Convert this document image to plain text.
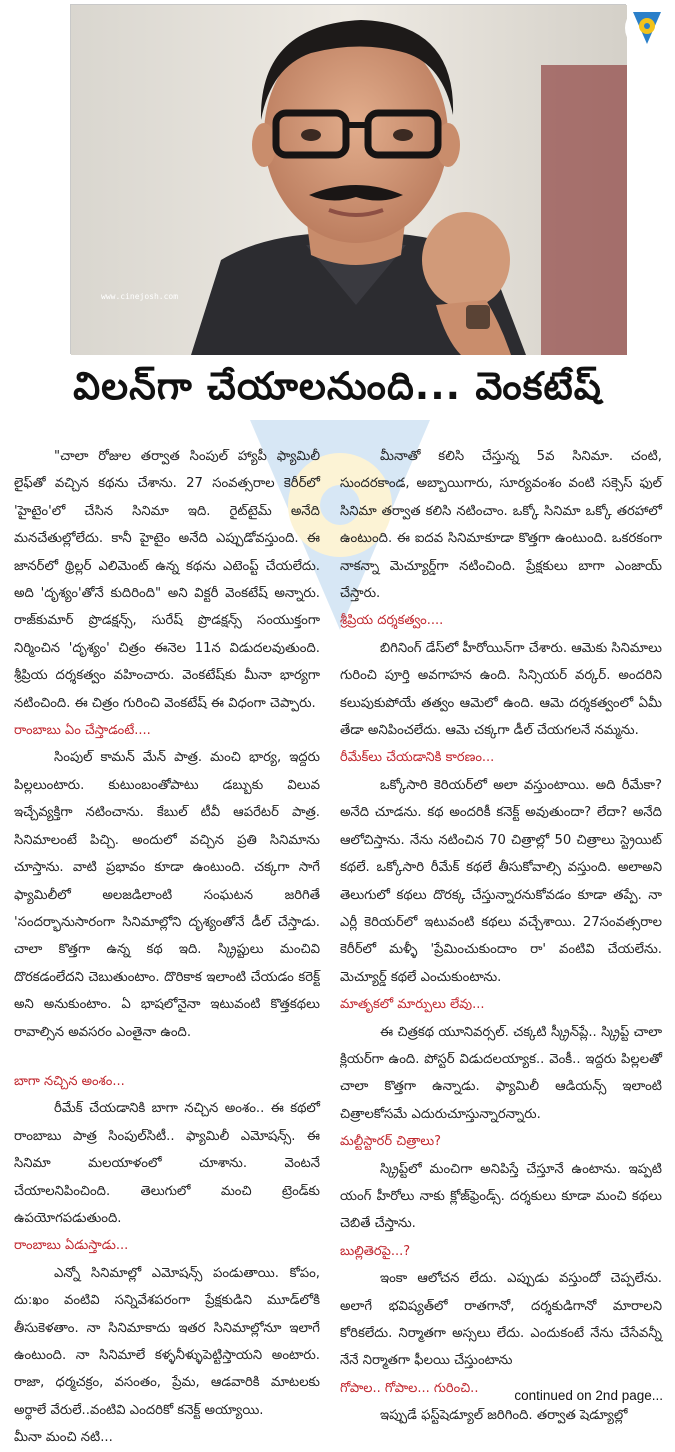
www.cinejosh.com
విలన్‌గా చేయాలనుంది... వెంకటేష్

"చాలా రోజుల తర్వాత సింపుల్ హ్యాపీ ఫ్యామిలీ లైఫ్‌తో వచ్చిన కథను చేశాను. 27 సంవత్సరాల కెరీర్‌లో 'హైటైం'లో చేసిన సినిమా ఇది. రైట్‌టైమ్ అనేది మనచేతుల్లోలేదు. కానీ హైటైం అనేది ఎప్పుడోవస్తుంది. ఈ జానర్‌లో థ్రిల్లర్ ఎలిమెంట్ ఉన్న కథను ఎటెంప్ట్ చేయలేదు. అది 'దృశ్యం'తోనే కుదిరింది" అని విక్టరీ వెంకటేష్ అన్నారు. రాజ్‌కుమార్ ప్రొడక్షన్స్, సురేష్ ప్రొడక్షన్స్ సంయుక్తంగా నిర్మించిన 'దృశ్యం' చిత్రం ఈనెల 11న విడుదలవుతుంది. శ్రీప్రియ దర్శకత్వం వహించారు. వెంకటేష్‌కు మీనా భార్యగా నటించింది. ఈ చిత్రం గురించి వెంకటేష్ ఈ విధంగా చెప్పారు.

రాంబాబు ఏం చేస్తాడంటే....

సింపుల్ కామన్ మేన్ పాత్ర. మంచి భార్య, ఇద్దరు పిల్లలుంటారు. కుటుంబంతోపాటు డబ్బుకు విలువ ఇచ్చేవ్యక్తిగా నటించాను. కేబుల్ టీవీ ఆపరేటర్ పాత్ర. సినిమాలంటే పిచ్చి. అందులో వచ్చిన ప్రతి సినిమాను చూస్తాను. వాటి ప్రభావం కూడా ఉంటుంది. చక్కగా సాగే ఫ్యామిలీలో అలజడిలాంటి సంఘటన జరిగితే 'సందర్భానుసారంగా సినిమాల్లోని దృశ్యంతోనే డీల్ చేస్తాడు. చాలా కొత్తగా ఉన్న కథ ఇది. స్క్రిప్టులు మంచివి దొరకడంలేదని చెబుతుంటాం. దొరికాక ఇలాంటి చేయడం కరెక్ట్ అని అనుకుంటాం. ఏ భాషలోనైనా ఇటువంటి కొత్తకథలు రావాల్సిన అవసరం ఎంతైనా ఉంది.

బాగా నచ్చిన అంశం...

రీమేక్ చేయడానికి బాగా నచ్చిన అంశం.. ఈ కథలో రాంబాబు పాత్ర సింపుల్‌సిటీ.. ఫ్యామిలీ ఎమోషన్స్. ఈ సినిమా మలయాళంలో చూశాను. వెంటనే చేయాలనిపించింది. తెలుగులో మంచి ట్రెండ్‌కు ఉపయోగపడుతుంది.

రాంబాబు ఏడుస్తాడు...

ఎన్నో సినిమాల్లో ఎమోషన్స్ పండుతాయి. కోపం, దు:ఖం వంటివి సన్నివేశపరంగా ప్రేక్షకుడిని మూడ్‌లోకి తీసుకెళతాం. నా సినిమాకాదు ఇతర సినిమాల్లోనూ ఇలాగే ఉంటుంది. నా సినిమాలే కళ్ళనీళ్ళుపెట్టిస్తాయని అంటారు. రాజా, ధర్మచక్రం, వసంతం, ప్రేమ, ఆడవారికి మాటలకు అర్థాలే వేరులే..వంటివి ఎందరికో కనెక్ట్ అయ్యాయి.

మీనా మంచి నటి...

మీనాతో కలిసి చేస్తున్న 5వ సినిమా. చంటి, సుందరకాండ, అబ్బాయిగారు, సూర్యవంశం వంటి సక్సెస్ ఫుల్ సినిమా తర్వాత కలిసి నటించాం. ఒక్కో సినిమా ఒక్కో తరహాలో ఉంటుంది. ఈ ఐదవ సినిమాకూడా కొత్తగా ఉంటుంది. ఒకరకంగా నాకన్నా మెచ్యూర్డ్‌గా నటించింది. ప్రేక్షకులు బాగా ఎంజాయ్ చేస్తారు.

శ్రీప్రియ దర్శకత్వం....

బిగినింగ్ డేస్‌లో హీరోయిన్‌గా చేశారు. ఆమెకు సినిమాలు గురించి పూర్తి అవగాహన ఉంది. సిన్సియర్ వర్కర్. అందరిని కలుపుకుపోయే తత్వం ఆమెలో ఉంది. ఆమె దర్శకత్వంలో ఏమీ తేడా అనిపించలేదు. ఆమె చక్కగా డీల్ చేయగలనే నమ్మను.

రీమేక్‌లు చేయడానికి కారణం...

ఒక్కోసారి కెరియర్‌లో అలా వస్తుంటాయి. అది రీమేకా? అనేది చూడను. కథ అందరికీ కనెక్ట్ అవుతుందా? లేదా? అనేది ఆలోచిస్తాను. నేను నటించిన 70 చిత్రాల్లో 50 చిత్రాలు స్ట్రెయిట్ కథలే. ఒక్కోసారి రీమేక్ కథలే తీసుకోవాల్సి వస్తుంది. అలాఅని తెలుగులో కథలు దొరక్క చేస్తున్నారనుకోవడం కూడా తప్పే. నా ఎర్లీ కెరియర్‌లో ఇటువంటి కథలు వచ్చేశాయి. 27సంవత్సరాల కెరీర్‌లో మళ్ళీ 'ప్రేమించుకుందాం రా' వంటివి చేయలేను. మెచ్యూర్డ్ కథలే ఎంచుకుంటాను.

మాతృకలో మార్పులు లేవు...

ఈ చిత్రకథ యూనివర్సల్. చక్కటి స్క్రీన్‌ప్లే.. స్క్రిప్ట్ చాలా క్లియర్‌గా ఉంది. పోస్టర్ విడుదలయ్యాక.. వెంకీ.. ఇద్దరు పిల్లలతో చాలా కొత్తగా ఉన్నాడు. ఫ్యామిలీ ఆడియన్స్ ఇలాంటి చిత్రాలకోసమే ఎదురుచూస్తున్నారన్నారు.

మల్టీస్టారర్ చిత్రాలు?

స్క్రిప్ట్‌లో మంచిగా అనిపిస్తే చేస్తూనే ఉంటాను. ఇప్పటి యంగ్ హీరోలు నాకు క్లోజ్‌ఫ్రెండ్స్. దర్శకులు కూడా మంచి కథలు చెబితే చేస్తాను.

బుల్లితెరపై...?

ఇంకా ఆలోచన లేదు. ఎప్పుడు వస్తుందో చెప్పలేను. అలాగే భవిష్యత్‌లో రాతగానో, దర్శకుడిగానో మారాలని కోరికలేదు. నిర్మాతగా అస్సలు లేదు. ఎందుకంటే నేను చేసేవన్నీ నేనే నిర్మాతగా ఫీలయి చేస్తుంటాను

గోపాల.. గోపాల... గురించి..

ఇప్పుడే ఫస్ట్‌షెడ్యూల్ జరిగింది. తర్వాత షెడ్యూల్లో

continued on 2nd page...
